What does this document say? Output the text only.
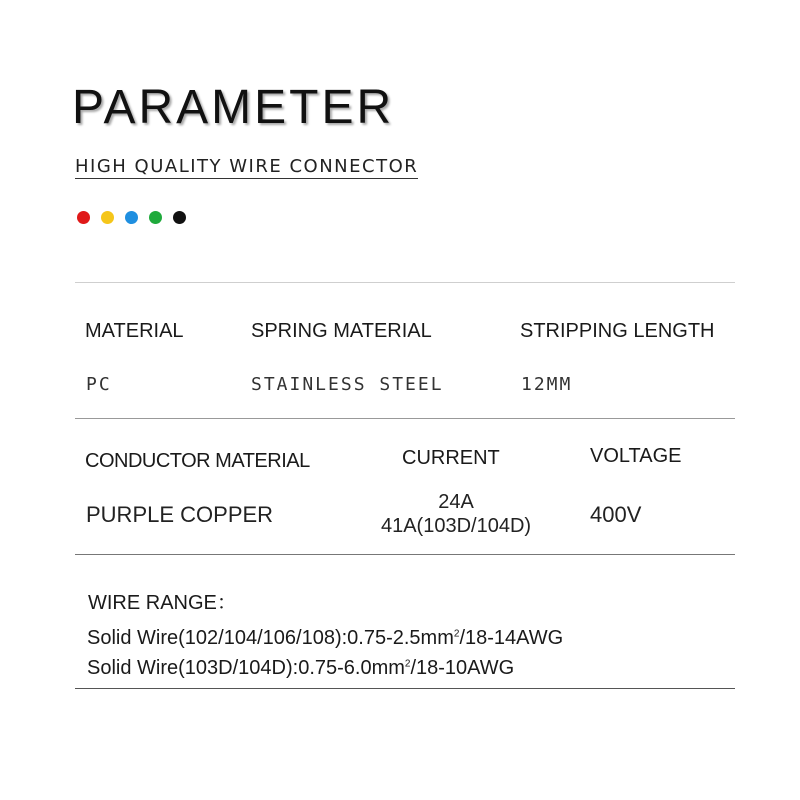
PARAMETER
HIGH QUALITY WIRE CONNECTOR
MATERIAL
PC
SPRING MATERIAL
STAINLESS STEEL
STRIPPING LENGTH
12MM
CONDUCTOR MATERIAL
PURPLE COPPER
CURRENT
24A
41A(103D/104D)
VOLTAGE
400V
WIRE RANGE：
Solid $Wire(102/104/106/108):0.75-2.5mm^2/18-14AWG$
Solid $Wire(103D/104D):0.75-6.0mm^2/18-10AWG$
